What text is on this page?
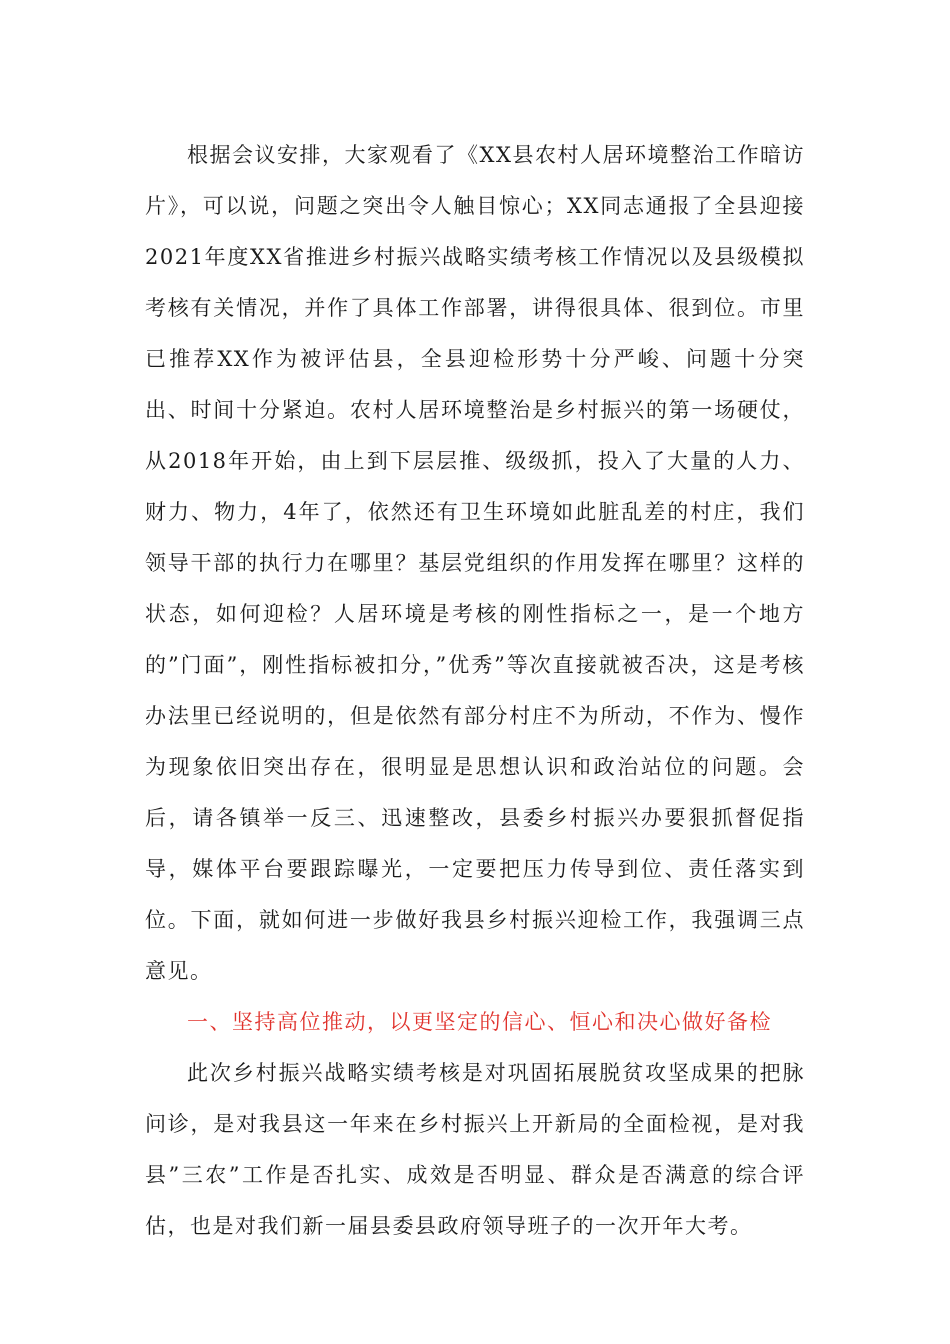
根据会议安排，大家观看了《XX县农村人居环境整治工作暗访片》，可以说，问题之突出令人触目惊心；XX同志通报了全县迎接2021年度XX省推进乡村振兴战略实绩考核工作情况以及县级模拟考核有关情况，并作了具体工作部署，讲得很具体、很到位。市里已推荐XX作为被评估县，全县迎检形势十分严峻、问题十分突出、时间十分紧迫。农村人居环境整治是乡村振兴的第一场硬仗，从2018年开始，由上到下层层推、级级抓，投入了大量的人力、财力、物力，4年了，依然还有卫生环境如此脏乱差的村庄，我们领导干部的执行力在哪里？基层党组织的作用发挥在哪里？这样的状态，如何迎检？人居环境是考核的刚性指标之一，是一个地方的”门面”，刚性指标被扣分，”优秀”等次直接就被否决，这是考核办法里已经说明的，但是依然有部分村庄不为所动，不作为、慢作为现象依旧突出存在，很明显是思想认识和政治站位的问题。会后，请各镇举一反三、迅速整改，县委乡村振兴办要狠抓督促指导，媒体平台要跟踪曝光，一定要把压力传导到位、责任落实到位。下面，就如何进一步做好我县乡村振兴迎检工作，我强调三点意见。

一、坚持高位推动，以更坚定的信心、恒心和决心做好备检

此次乡村振兴战略实绩考核是对巩固拓展脱贫攻坚成果的把脉问诊，是对我县这一年来在乡村振兴上开新局的全面检视，是对我县”三农”工作是否扎实、成效是否明显、群众是否满意的综合评估，也是对我们新一届县委县政府领导班子的一次开年大考。
